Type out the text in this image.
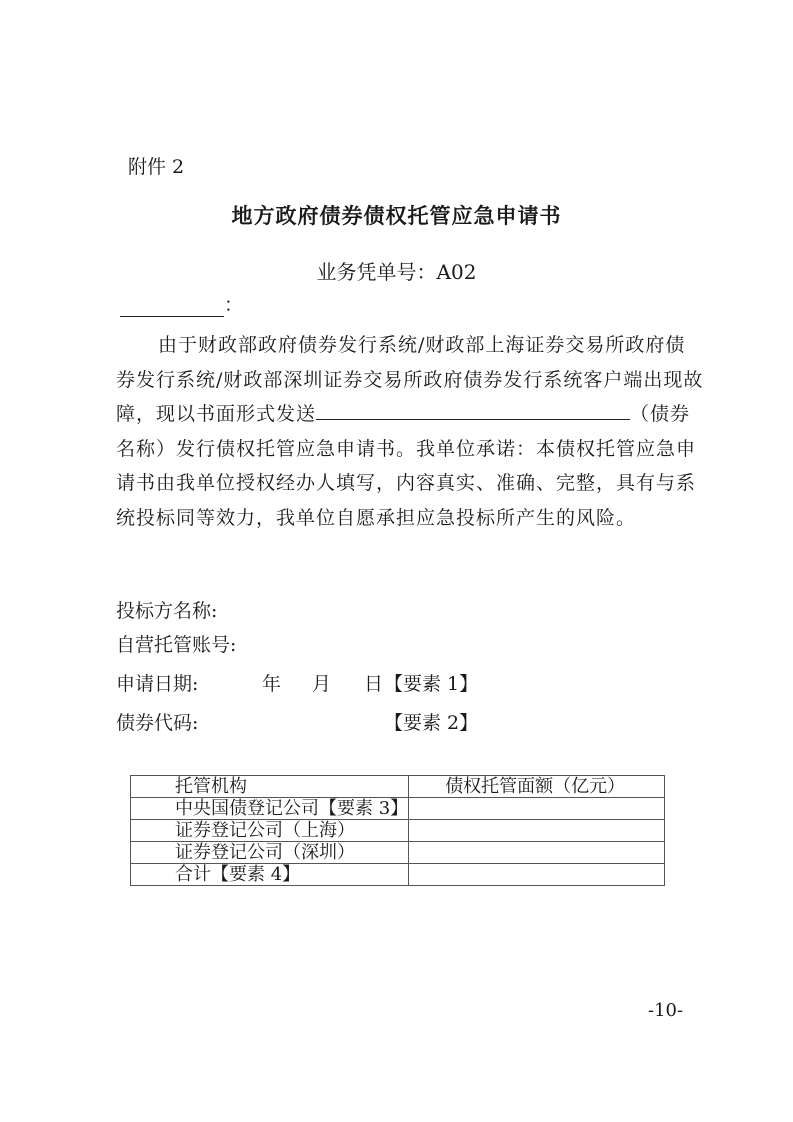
附件 2
地方政府债券债权托管应急申请书
业务凭单号：A02
：
由于财政部政府债券发行系统/财政部上海证券交易所政府债券发行系统/财政部深圳证券交易所政府债券发行系统客户端出现故障，现以书面形式发送	（债券名称）发行债权托管应急申请书。我单位承诺：本债权托管应急申请书由我单位授权经办人填写，内容真实、准确、完整，具有与系统投标同等效力，我单位自愿承担应急投标所产生的风险。
投标方名称:
自营托管账号:
申请日期:	年 月 日 【要素 1】
债券代码:	【要素 2】
托管机构	债权托管面额（亿元）
中央国债登记公司【要素 3】	
证券登记公司（上海）	
证券登记公司（深圳）	
合计【要素 4】	
-10-
